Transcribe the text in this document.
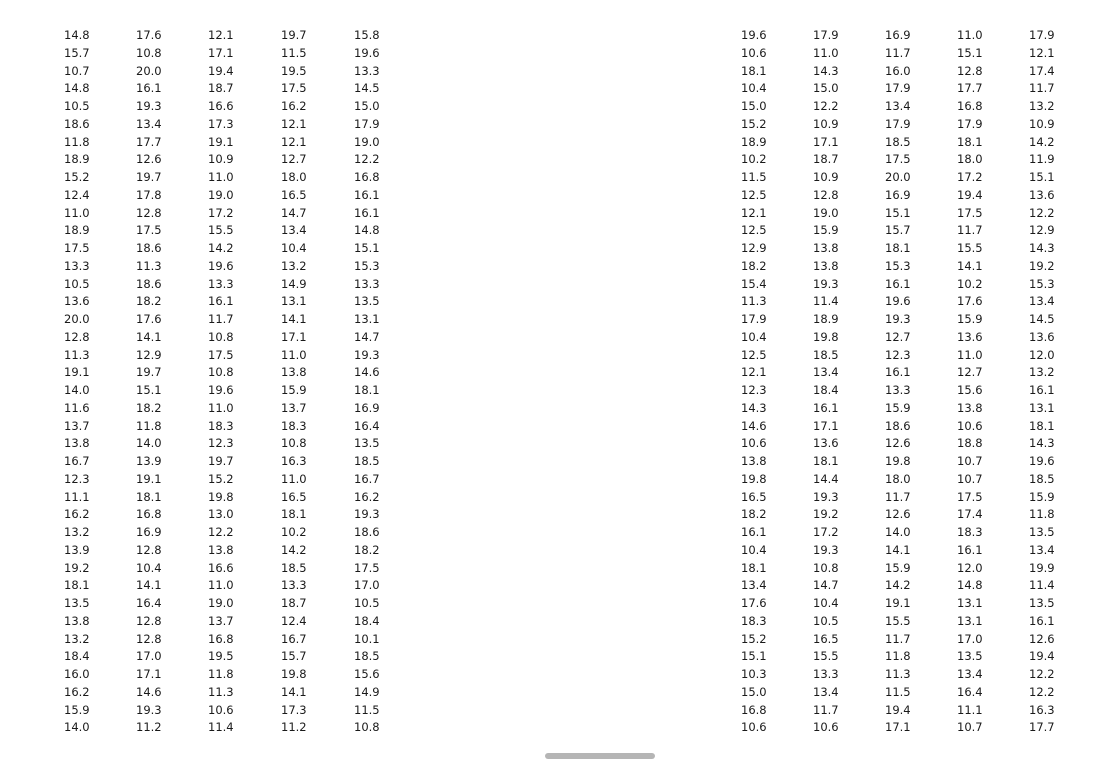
14.8	17.6	12.1	19.7	15.8
15.7	10.8	17.1	11.5	19.6
10.7	20.0	19.4	19.5	13.3
14.8	16.1	18.7	17.5	14.5
10.5	19.3	16.6	16.2	15.0
18.6	13.4	17.3	12.1	17.9
11.8	17.7	19.1	12.1	19.0
18.9	12.6	10.9	12.7	12.2
15.2	19.7	11.0	18.0	16.8
12.4	17.8	19.0	16.5	16.1
11.0	12.8	17.2	14.7	16.1
18.9	17.5	15.5	13.4	14.8
17.5	18.6	14.2	10.4	15.1
13.3	11.3	19.6	13.2	15.3
10.5	18.6	13.3	14.9	13.3
13.6	18.2	16.1	13.1	13.5
20.0	17.6	11.7	14.1	13.1
12.8	14.1	10.8	17.1	14.7
11.3	12.9	17.5	11.0	19.3
19.1	19.7	10.8	13.8	14.6
14.0	15.1	19.6	15.9	18.1
11.6	18.2	11.0	13.7	16.9
13.7	11.8	18.3	18.3	16.4
13.8	14.0	12.3	10.8	13.5
16.7	13.9	19.7	16.3	18.5
12.3	19.1	15.2	11.0	16.7
11.1	18.1	19.8	16.5	16.2
16.2	16.8	13.0	18.1	19.3
13.2	16.9	12.2	10.2	18.6
13.9	12.8	13.8	14.2	18.2
19.2	10.4	16.6	18.5	17.5
18.1	14.1	11.0	13.3	17.0
13.5	16.4	19.0	18.7	10.5
13.8	12.8	13.7	12.4	18.4
13.2	12.8	16.8	16.7	10.1
18.4	17.0	19.5	15.7	18.5
16.0	17.1	11.8	19.8	15.6
16.2	14.6	11.3	14.1	14.9
15.9	19.3	10.6	17.3	11.5
14.0	11.2	11.4	11.2	10.8
19.6	17.9	16.9	11.0	17.9
10.6	11.0	11.7	15.1	12.1
18.1	14.3	16.0	12.8	17.4
10.4	15.0	17.9	17.7	11.7
15.0	12.2	13.4	16.8	13.2
15.2	10.9	17.9	17.9	10.9
18.9	17.1	18.5	18.1	14.2
10.2	18.7	17.5	18.0	11.9
11.5	10.9	20.0	17.2	15.1
12.5	12.8	16.9	19.4	13.6
12.1	19.0	15.1	17.5	12.2
12.5	15.9	15.7	11.7	12.9
12.9	13.8	18.1	15.5	14.3
18.2	13.8	15.3	14.1	19.2
15.4	19.3	16.1	10.2	15.3
11.3	11.4	19.6	17.6	13.4
17.9	18.9	19.3	15.9	14.5
10.4	19.8	12.7	13.6	13.6
12.5	18.5	12.3	11.0	12.0
12.1	13.4	16.1	12.7	13.2
12.3	18.4	13.3	15.6	16.1
14.3	16.1	15.9	13.8	13.1
14.6	17.1	18.6	10.6	18.1
10.6	13.6	12.6	18.8	14.3
13.8	18.1	19.8	10.7	19.6
19.8	14.4	18.0	10.7	18.5
16.5	19.3	11.7	17.5	15.9
18.2	19.2	12.6	17.4	11.8
16.1	17.2	14.0	18.3	13.5
10.4	19.3	14.1	16.1	13.4
18.1	10.8	15.9	12.0	19.9
13.4	14.7	14.2	14.8	11.4
17.6	10.4	19.1	13.1	13.5
18.3	10.5	15.5	13.1	16.1
15.2	16.5	11.7	17.0	12.6
15.1	15.5	11.8	13.5	19.4
10.3	13.3	11.3	13.4	12.2
15.0	13.4	11.5	16.4	12.2
16.8	11.7	19.4	11.1	16.3
10.6	10.6	17.1	10.7	17.7
